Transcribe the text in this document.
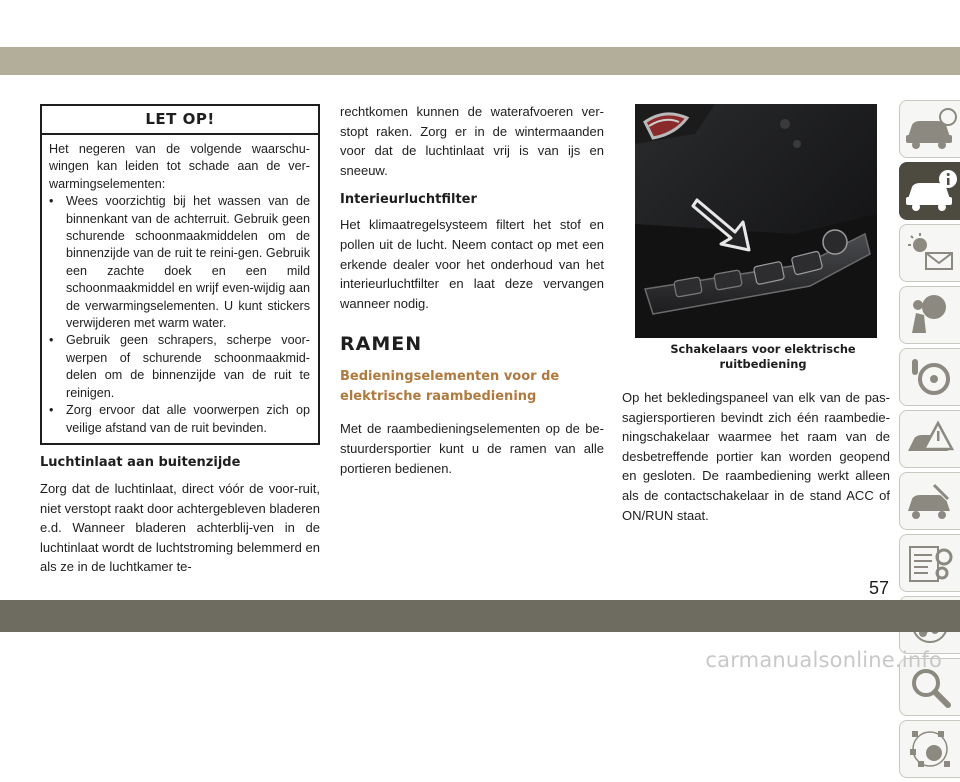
LET OP!

Het negeren van de volgende waarschu-wingen kan leiden tot schade aan de ver-warmingselementen:

• Wees voorzichtig bij het wassen van de binnenkant van de achterruit. Gebruik geen schurende schoonmaakmiddelen om de binnenzijde van de ruit te reini-gen. Gebruik een zachte doek en een mild schoonmaakmiddel en wrijf even-wijdig aan de verwarmingselementen. U kunt stickers verwijderen met warm water.
• Gebruik geen schrapers, scherpe voor-werpen of schurende schoonmaakmid-delen om de binnenzijde van de ruit te reinigen.
• Zorg ervoor dat alle voorwerpen zich op veilige afstand van de ruit bevinden.
Luchtinlaat aan buitenzijde

Zorg dat de luchtinlaat, direct vóór de voor-ruit, niet verstopt raakt door achtergebleven bladeren e.d. Wanneer bladeren achterblij-ven in de luchtinlaat wordt de luchtstroming belemmerd en als ze in de luchtkamer te-

rechtkomen kunnen de waterafvoeren ver-stopt raken. Zorg er in de wintermaanden voor dat de luchtinlaat vrij is van ijs en sneeuw.

Interieurluchtfilter

Het klimaatregelsysteem filtert het stof en pollen uit de lucht. Neem contact op met een erkende dealer voor het onderhoud van het interieurluchtfilter en laat deze vervangen wanneer nodig.

RAMEN
Bedieningselementen voor de elektrische raambediening

Met de raambedieningselementen op de be-stuurdersportier kunt u de ramen van alle portieren bedienen.

Schakelaars voor elektrische ruitbediening

Op het bekledingspaneel van elk van de pas-sagiersportieren bevindt zich één raambedie-ningschakelaar waarmee het raam van de desbetreffende portier kan worden geopend en gesloten. De raambediening werkt alleen als de contactschakelaar in de stand ACC of ON/RUN staat.

57
carmanualsonline.info
